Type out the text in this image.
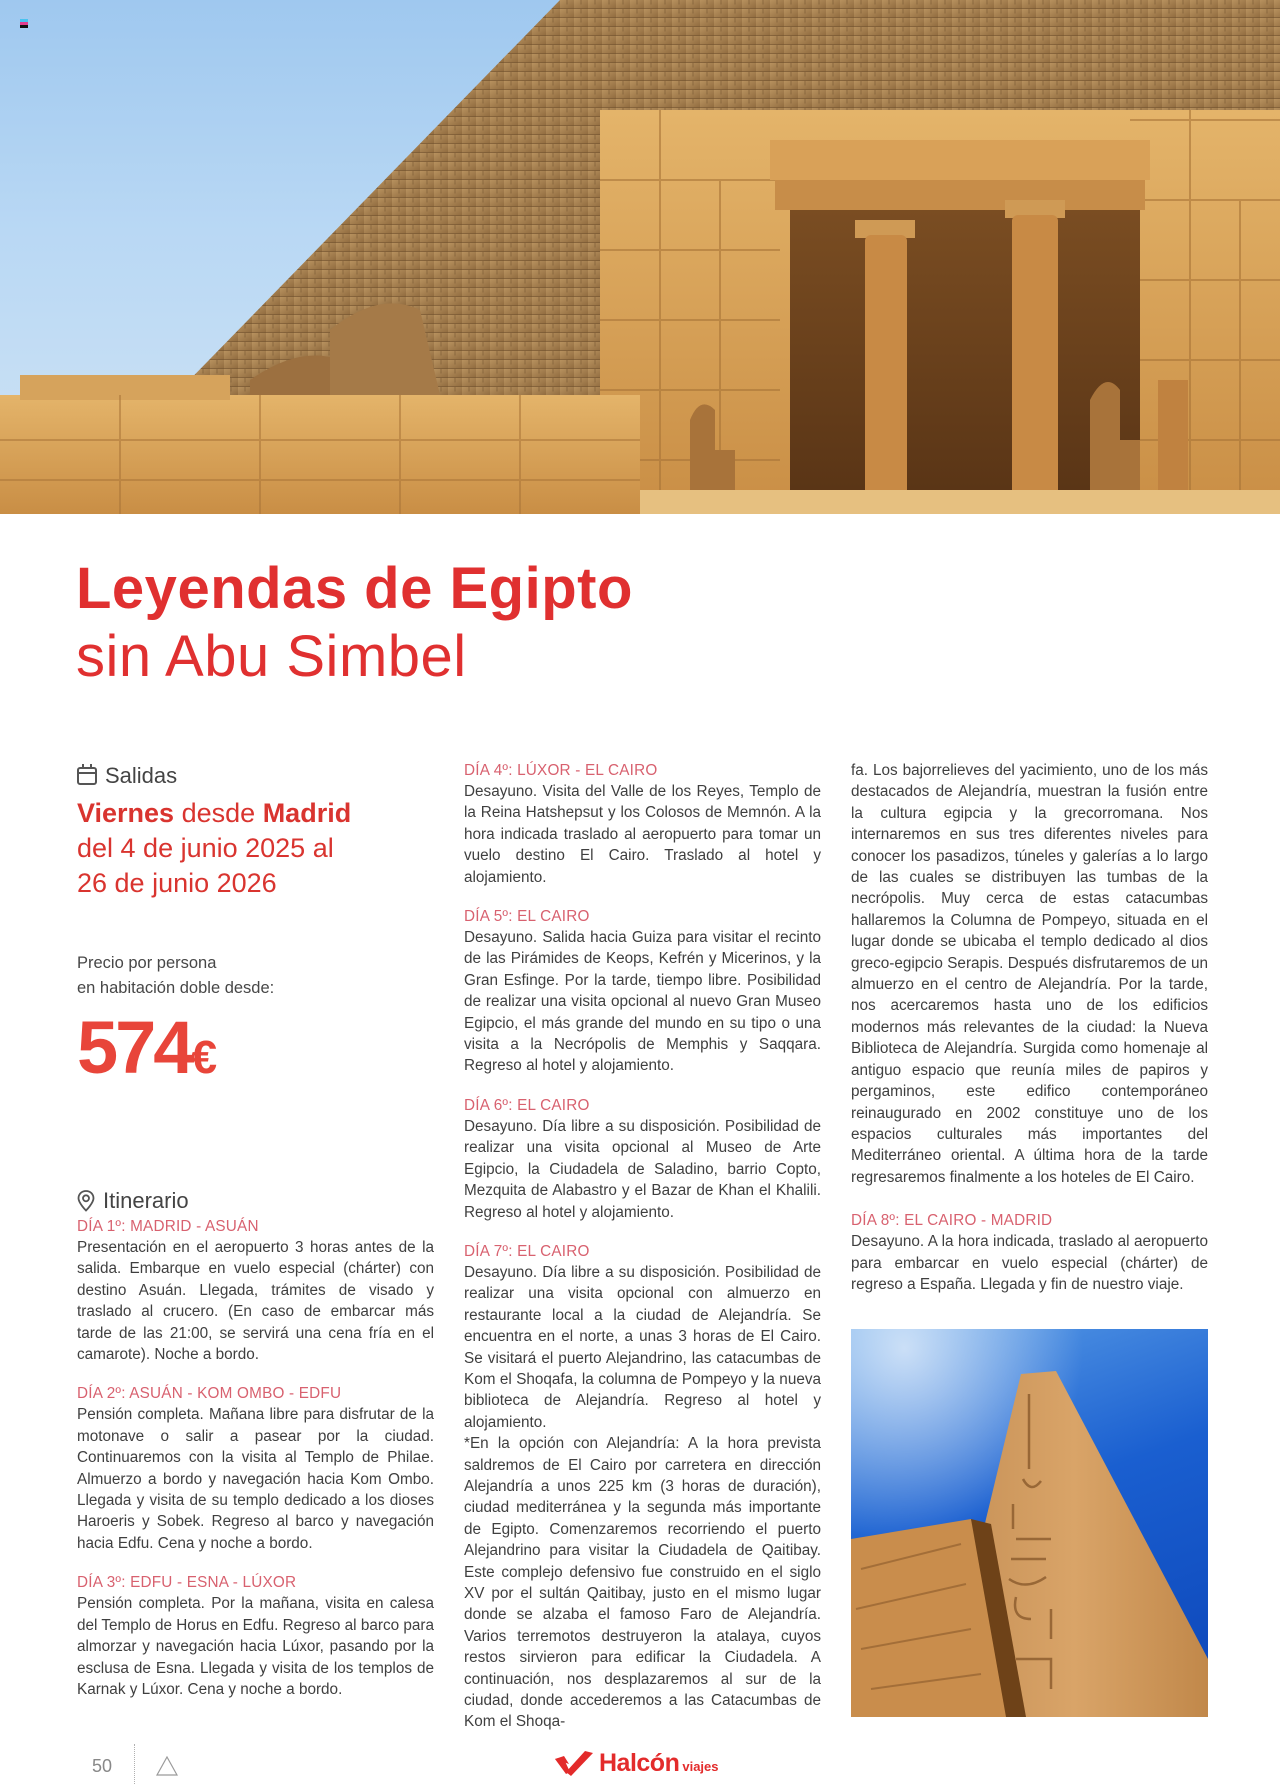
Leyendas de Egipto
sin Abu Simbel
Salidas
Viernes desde Madrid
del 4 de junio 2025 al
26 de junio 2026
Precio por persona
en habitación doble desde:
574€
Itinerario
DÍA 1º: MADRID - ASUÁN

Presentación en el aeropuerto 3 horas antes de la salida. Embarque en vuelo especial (chárter) con destino Asuán. Llegada, trámites de visado y traslado al crucero. (En caso de embarcar más tarde de las 21:00, se servirá una cena fría en el camarote). Noche a bordo.

DÍA 2º: ASUÁN - KOM OMBO - EDFU

Pensión completa. Mañana libre para disfrutar de la motonave o salir a pasear por la ciudad. Continuaremos con la visita al Templo de Philae. Almuerzo a bordo y navegación hacia Kom Ombo. Llegada y visita de su templo dedicado a los dioses Haroeris y Sobek. Regreso al barco y navegación hacia Edfu. Cena y noche a bordo.

DÍA 3º: EDFU - ESNA - LÚXOR

Pensión completa. Por la mañana, visita en calesa del Templo de Horus en Edfu. Regreso al barco para almorzar y navegación hacia Lúxor, pasando por la esclusa de Esna. Llegada y visita de los templos de Karnak y Lúxor. Cena y noche a bordo.

DÍA 4º: LÚXOR - EL CAIRO

Desayuno. Visita del Valle de los Reyes, Templo de la Reina Hatshepsut y los Colosos de Memnón. A la hora indicada traslado al aeropuerto para tomar un vuelo destino El Cairo. Traslado al hotel y alojamiento.

DÍA 5º: EL CAIRO

Desayuno. Salida hacia Guiza para visitar el recinto de las Pirámides de Keops, Kefrén y Micerinos, y la Gran Esfinge. Por la tarde, tiempo libre. Posibilidad de realizar una visita opcional al nuevo Gran Museo Egipcio, el más grande del mundo en su tipo o una visita a la Necrópolis de Memphis y Saqqara. Regreso al hotel y alojamiento.

DÍA 6º: EL CAIRO

Desayuno. Día libre a su disposición. Posibilidad de realizar una visita opcional al Museo de Arte Egipcio, la Ciudadela de Saladino, barrio Copto, Mezquita de Alabastro y el Bazar de Khan el Khalili. Regreso al hotel y alojamiento.

DÍA 7º: EL CAIRO

Desayuno. Día libre a su disposición. Posibilidad de realizar una visita opcional con almuerzo en restaurante local a la ciudad de Alejandría. Se encuentra en el norte, a unas 3 horas de El Cairo. Se visitará el puerto Alejandrino, las catacumbas de Kom el Shoqafa, la columna de Pompeyo y la nueva biblioteca de Alejandría. Regreso al hotel y alojamiento.

*En la opción con Alejandría: A la hora prevista saldremos de El Cairo por carretera en dirección Alejandría a unos 225 km (3 horas de duración), ciudad mediterránea y la segunda más importante de Egipto. Comenzaremos recorriendo el puerto Alejandrino para visitar la Ciudadela de Qaitibay. Este complejo defensivo fue construido en el siglo XV por el sultán Qaitibay, justo en el mismo lugar donde se alzaba el famoso Faro de Alejandría. Varios terremotos destruyeron la atalaya, cuyos restos sirvieron para edificar la Ciudadela. A continuación, nos desplazaremos al sur de la ciudad, donde accederemos a las Catacumbas de Kom el Shoqa-

fa. Los bajorrelieves del yacimiento, uno de los más destacados de Alejandría, muestran la fusión entre la cultura egipcia y la grecorromana. Nos internaremos en sus tres diferentes niveles para conocer los pasadizos, túneles y galerías a lo largo de las cuales se distribuyen las tumbas de la necrópolis. Muy cerca de estas catacumbas hallaremos la Columna de Pompeyo, situada en el lugar donde se ubicaba el templo dedicado al dios greco-egipcio Serapis. Después disfrutaremos de un almuerzo en el centro de Alejandría. Por la tarde, nos acercaremos hasta uno de los edificios modernos más relevantes de la ciudad: la Nueva Biblioteca de Alejandría. Surgida como homenaje al antiguo espacio que reunía miles de papiros y pergaminos, este edifico contemporáneo reinaugurado en 2002 constituye uno de los espacios culturales más importantes del Mediterráneo oriental. A última hora de la tarde regresaremos finalmente a los hoteles de El Cairo.

DÍA 8º: EL CAIRO - MADRID

Desayuno. A la hora indicada, traslado al aeropuerto para embarcar en vuelo especial (chárter) de regreso a España. Llegada y fin de nuestro viaje.

50	Halcón viajes
